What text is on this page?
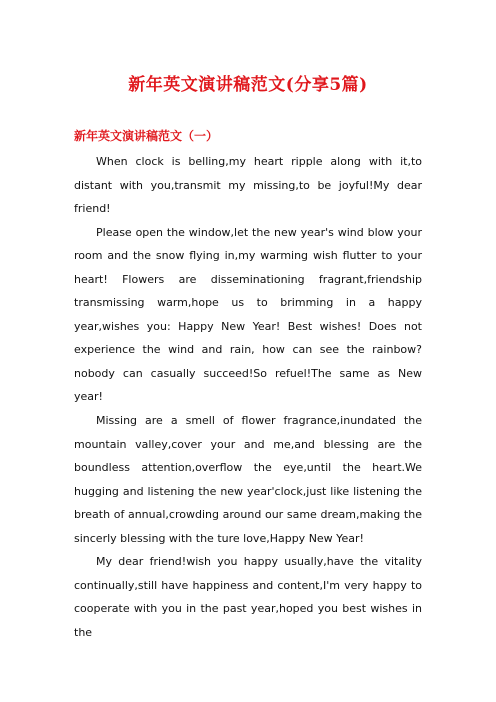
新年英文演讲稿范文(分享5篇)
新年英文演讲稿范文（一）

When clock is belling,my heart ripple along with it,to distant with you,transmit my missing,to be joyful!My dear friend!

Please open the window,let the new year's wind blow your room and the snow flying in,my warming wish flutter to your heart! Flowers are disseminationing fragrant,friendship transmissing warm,hope us to brimming in a happy year,wishes you: Happy New Year! Best wishes! Does not experience the wind and rain, how can see the rainbow?nobody can casually succeed!So refuel!The same as New year!

Missing are a smell of flower fragrance,inundated the mountain valley,cover your and me,and blessing are the boundless attention,overflow the eye,until the heart.We hugging and listening the new year'clock,just like listening the breath of annual,crowding around our same dream,making the sincerly blessing with the ture love,Happy New Year!

My dear friend!wish you happy usually,have the vitality continually,still have happiness and content,I'm very happy to cooperate with you in the past year,hoped you best wishes in the
